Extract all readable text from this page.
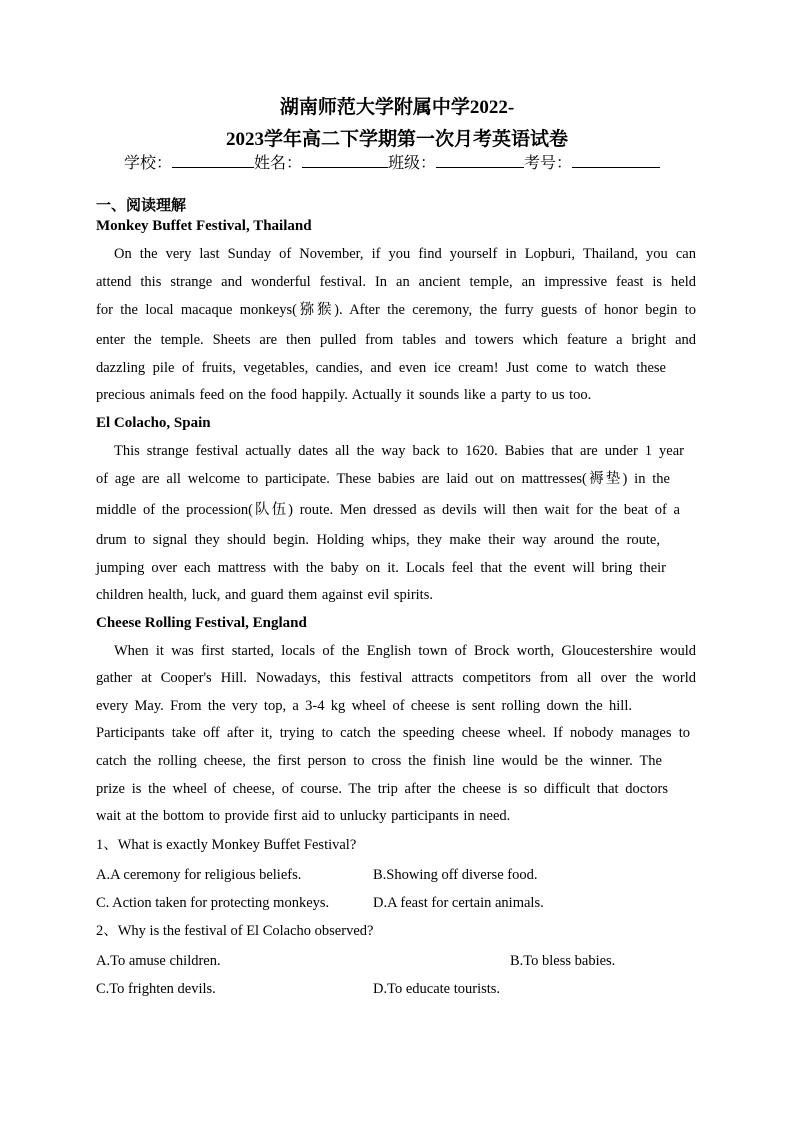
湖南师范大学附属中学2022-
2023学年高二下学期第一次月考英语试卷
学校：	姓名：	班级：	考号：
一、阅读理解
Monkey Buffet Festival, Thailand
On the very last Sunday of November, if you find yourself in Lopburi, Thailand, you can
attend this strange and wonderful festival. In an ancient temple, an impressive feast is held
for the local macaque monkeys(猕猴). After the ceremony, the furry guests of honor begin to
enter the temple. Sheets are then pulled from tables and towers which feature a bright and
dazzling pile of fruits, vegetables, candies, and even ice cream! Just come to watch these
precious animals feed on the food happily. Actually it sounds like a party to us too.
El Colacho, Spain
This strange festival actually dates all the way back to 1620. Babies that are under 1 year
of age are all welcome to participate. These babies are laid out on mattresses(褥垫) in the
middle of the procession(队伍) route. Men dressed as devils will then wait for the beat of a
drum to signal they should begin. Holding whips, they make their way around the route,
jumping over each mattress with the baby on it. Locals feel that the event will bring their
children health, luck, and guard them against evil spirits.
Cheese Rolling Festival, England
When it was first started, locals of the English town of Brock worth, Gloucestershire would
gather at Cooper's Hill. Nowadays, this festival attracts competitors from all over the world
every May. From the very top, a 3-4 kg wheel of cheese is sent rolling down the hill.
Participants take off after it, trying to catch the speeding cheese wheel. If nobody manages to
catch the rolling cheese, the first person to cross the finish line would be the winner. The
prize is the wheel of cheese, of course. The trip after the cheese is so difficult that doctors
wait at the bottom to provide first aid to unlucky participants in need.
1、What is exactly Monkey Buffet Festival?
A.A ceremony for religious beliefs.	B.Showing off diverse food.
C. Action taken for protecting monkeys.	D.A feast for certain animals.
2、Why is the festival of El Colacho observed?
A.To amuse children.	B.To bless babies.
C.To frighten devils.	D.To educate tourists.
